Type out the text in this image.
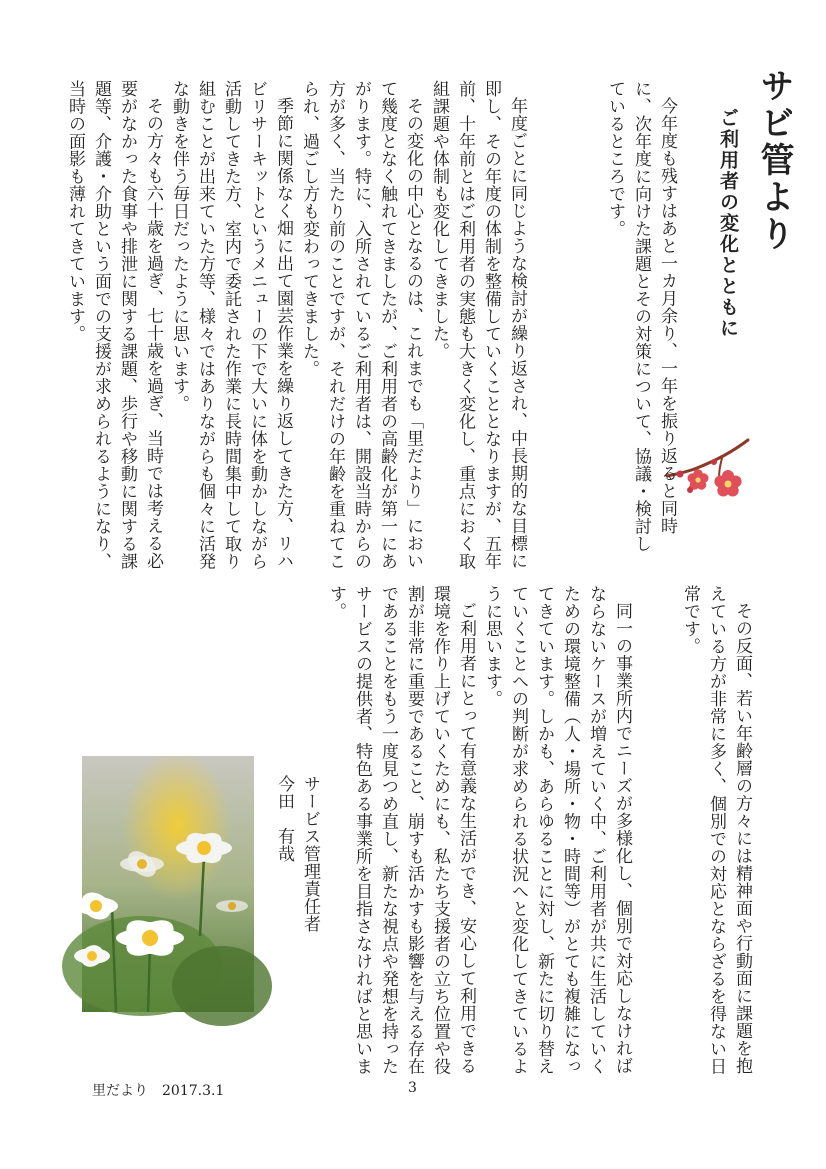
サビ管より
ご利用者の変化とともに

今年度も残すはあと一カ月余り、一年を振り返ると同時に、次年度に向けた課題とその対策について、協議・検討しているところです。

年度ごとに同じような検討が繰り返され、中長期的な目標に即し、その年度の体制を整備していくこととなりますが、五年前、十年前とはご利用者の実態も大きく変化し、重点におく取組課題や体制も変化してきました。

その変化の中心となるのは、これまでも「里だより」において幾度となく触れてきましたが、ご利用者の高齢化が第一にあがります。特に、入所されているご利用者は、開設当時からの方が多く、当たり前のことですが、それだけの年齢を重ねてこられ、過ごし方も変わってきました。

季節に関係なく畑に出て園芸作業を繰り返してきた方、リハビリサーキットというメニューの下で大いに体を動かしながら活動してきた方、室内で委託された作業に長時間集中して取り組むことが出来ていた方等、様々ではありながらも個々に活発な動きを伴う毎日だったように思います。

その方々も六十歳を過ぎ、七十歳を過ぎ、当時では考える必要がなかった食事や排泄に関する課題、歩行や移動に関する課題等、介護・介助という面での支援が求められるようになり、当時の面影も薄れてきています。

その反面、若い年齢層の方々には精神面や行動面に課題を抱えている方が非常に多く、個別での対応とならざるを得ない日常です。

同一の事業所内でニーズが多様化し、個別で対応しなければならないケースが増えていく中、ご利用者が共に生活していくための環境整備（人・場所・物・時間等）がとても複雑になってきています。しかも、あらゆることに対し、新たに切り替えていくことへの判断が求められる状況へと変化してきているように思います。

ご利用者にとって有意義な生活ができ、安心して利用できる環境を作り上げていくためにも、私たち支援者の立ち位置や役割が非常に重要であること、崩すも活かすも影響を与える存在であることをもう一度見つめ直し、新たな視点や発想を持ったサービスの提供者、特色ある事業所を目指さなければと思います。

サービス管理責任者

今田　有哉

里だより　2017.3.1	3
